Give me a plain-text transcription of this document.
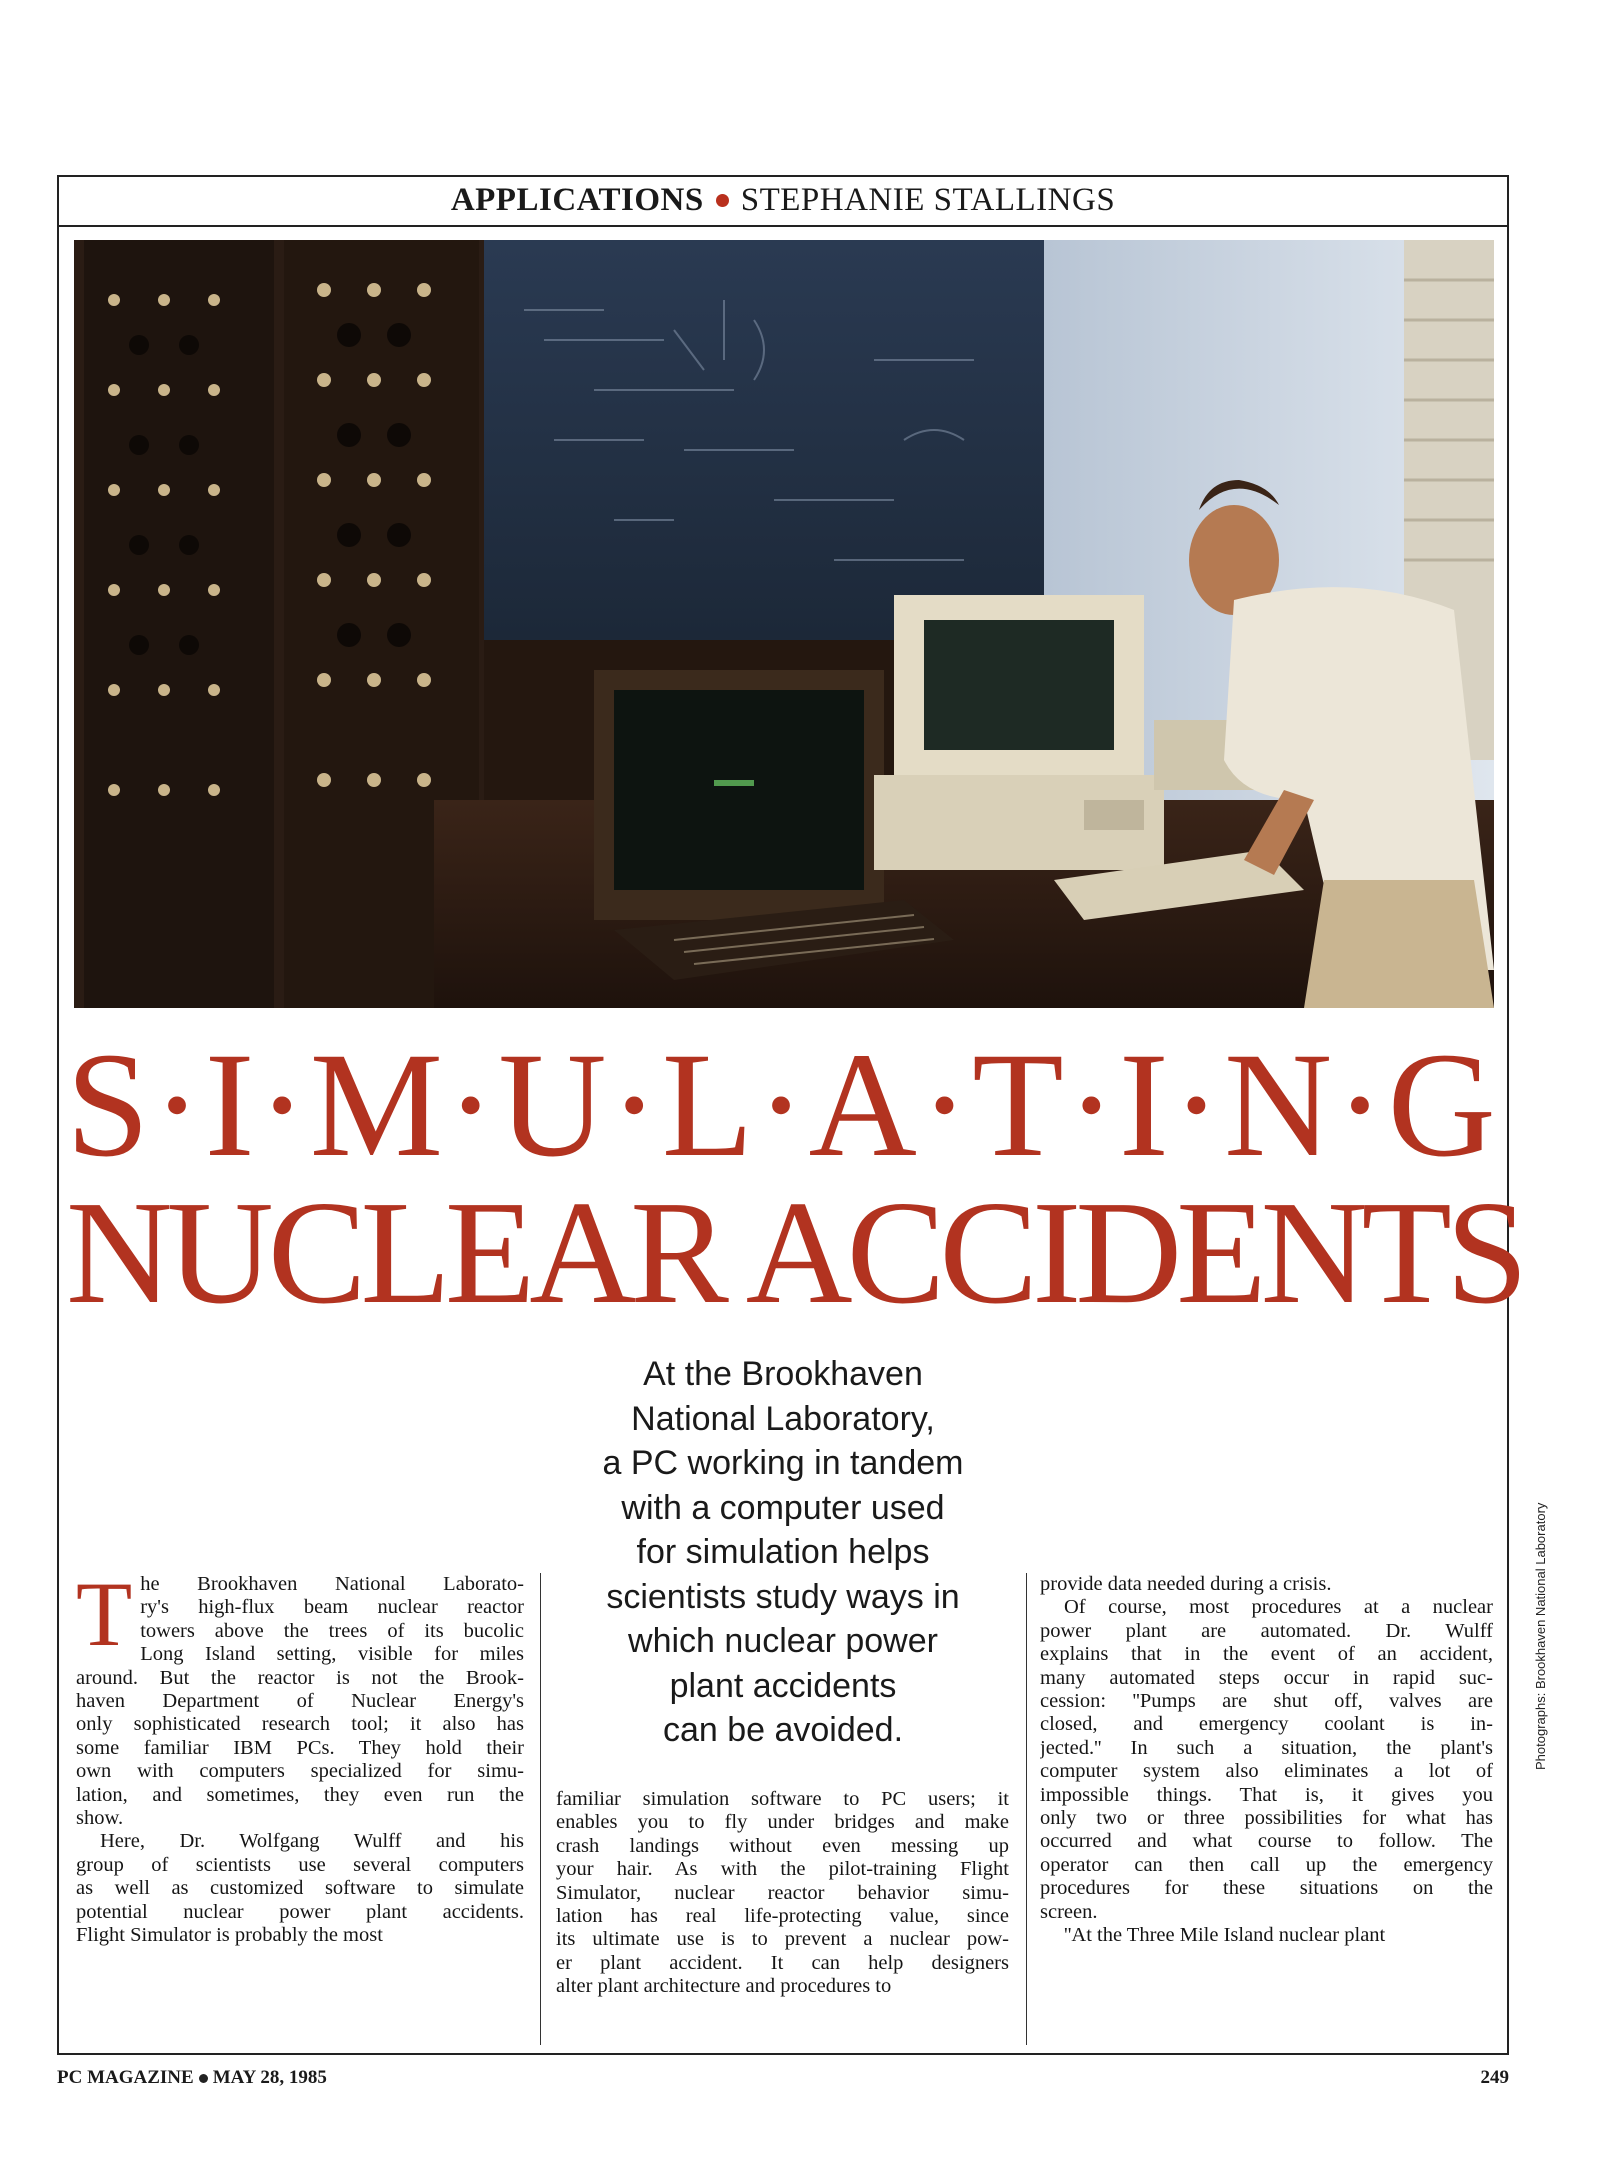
APPLICATIONS STEPHANIE STALLINGS
S · I · M · U · L · A · T · I · N · G
NUCLEAR ACCIDENTS
At the Brookhaven
National Laboratory,
a PC working in tandem
with a computer used
for simulation helps
scientists study ways in
which nuclear power
plant accidents
can be avoided.
T he Brookhaven National Laborato-
ry's high-flux beam nuclear reactor
towers above the trees of its bucolic
Long Island setting, visible for miles
around. But the reactor is not the Brook-
haven Department of Nuclear Energy's
only sophisticated research tool; it also has
some familiar IBM PCs. They hold their
own with computers specialized for simu-
lation, and sometimes, they even run the
show.
Here, Dr. Wolfgang Wulff and his
group of scientists use several computers
as well as customized software to simulate
potential nuclear power plant accidents.
Flight Simulator is probably the most
familiar simulation software to PC users; it
enables you to fly under bridges and make
crash landings without even messing up
your hair. As with the pilot-training Flight
Simulator, nuclear reactor behavior simu-
lation has real life-protecting value, since
its ultimate use is to prevent a nuclear pow-
er plant accident. It can help designers
alter plant architecture and procedures to
provide data needed during a crisis.
Of course, most procedures at a nuclear
power plant are automated. Dr. Wulff
explains that in the event of an accident,
many automated steps occur in rapid suc-
cession: ''Pumps are shut off, valves are
closed, and emergency coolant is in-
jected.'' In such a situation, the plant's
computer system also eliminates a lot of
impossible things. That is, it gives you
only two or three possibilities for what has
occurred and what course to follow. The
operator can then call up the emergency
procedures for these situations on the
screen.
''At the Three Mile Island nuclear plant
Photographs: Brookhaven National Laboratory
PC MAGAZINE MAY 28, 1985	249
